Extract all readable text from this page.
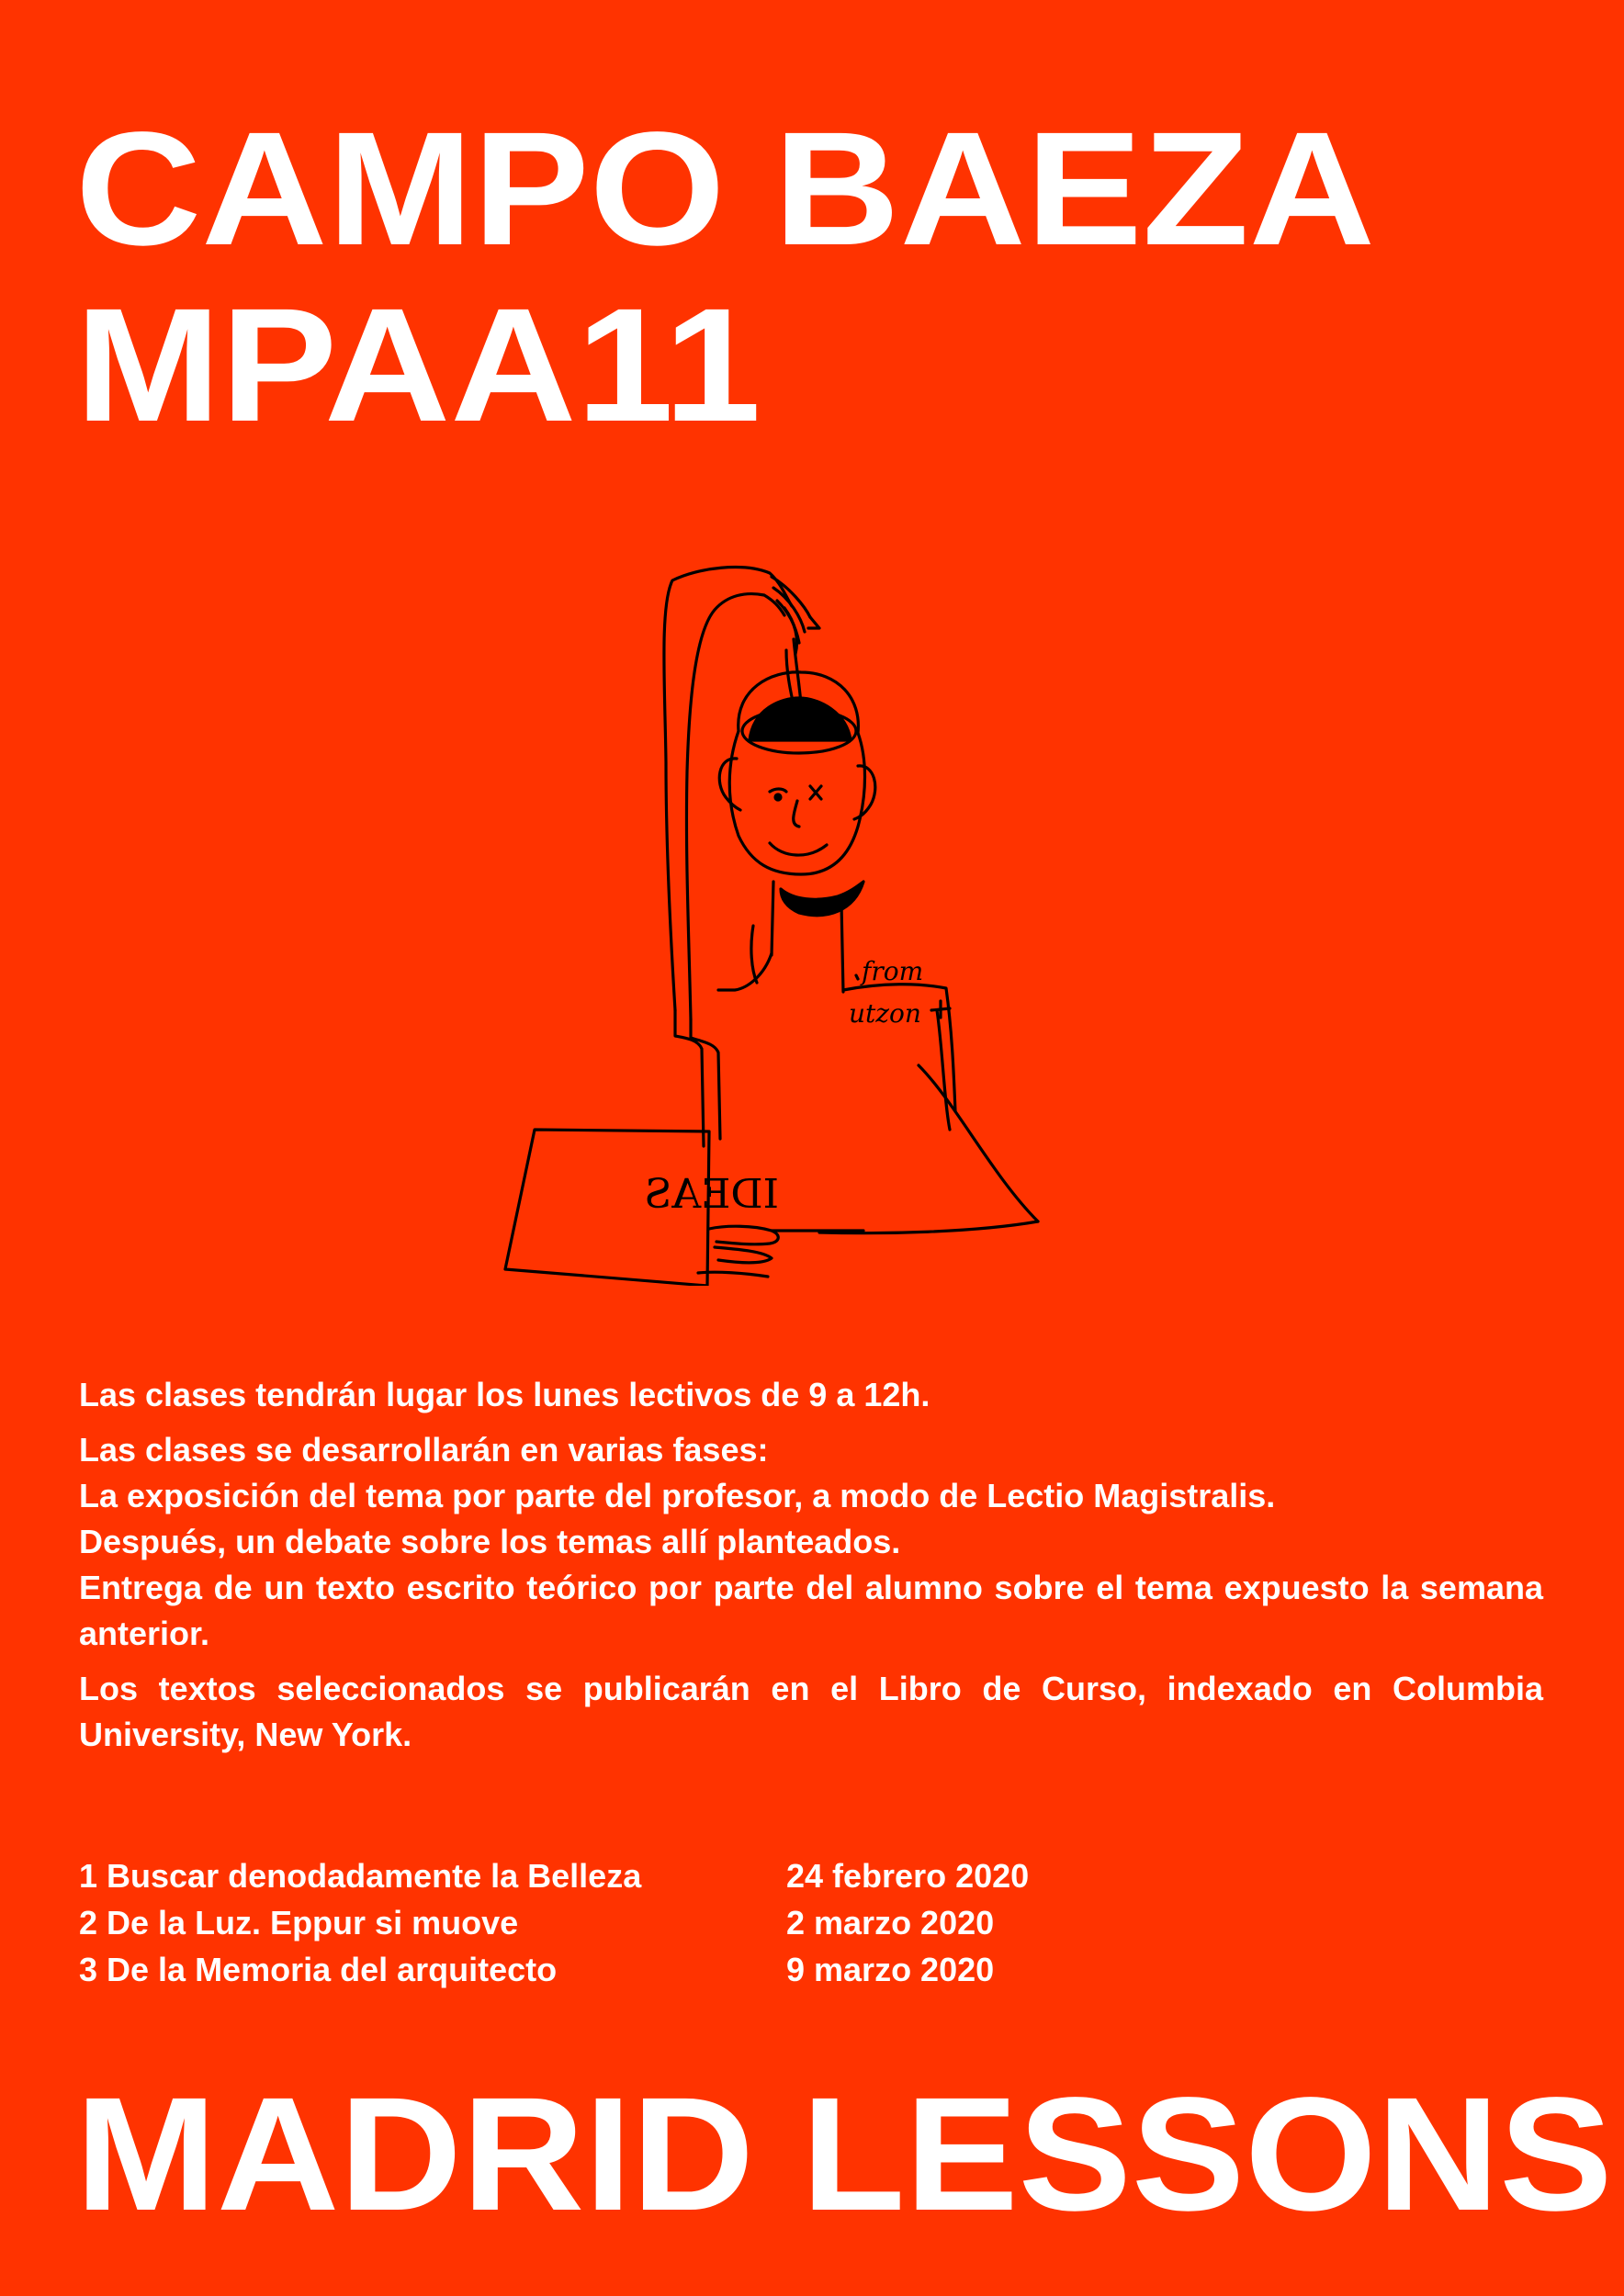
CAMPO BAEZA
MPAA11
IDEAS
from
utzon

Las clases tendrán lugar los lunes lectivos de 9 a 12h.

Las clases se desarrollarán en varias fases:

La exposición del tema por parte del profesor, a modo de Lectio Magistralis.

Después, un debate sobre los temas allí planteados.

Entrega de un texto escrito teórico por parte del alumno sobre el tema expuesto la semana anterior.

Los textos seleccionados se publicarán en el Libro de Curso, indexado en Columbia University, New York.

1 Buscar denodadamente la Belleza	24 febrero 2020
2 De la Luz. Eppur si muove	2 marzo 2020
3 De la Memoria del arquitecto	9 marzo 2020
MADRID LESSONS
